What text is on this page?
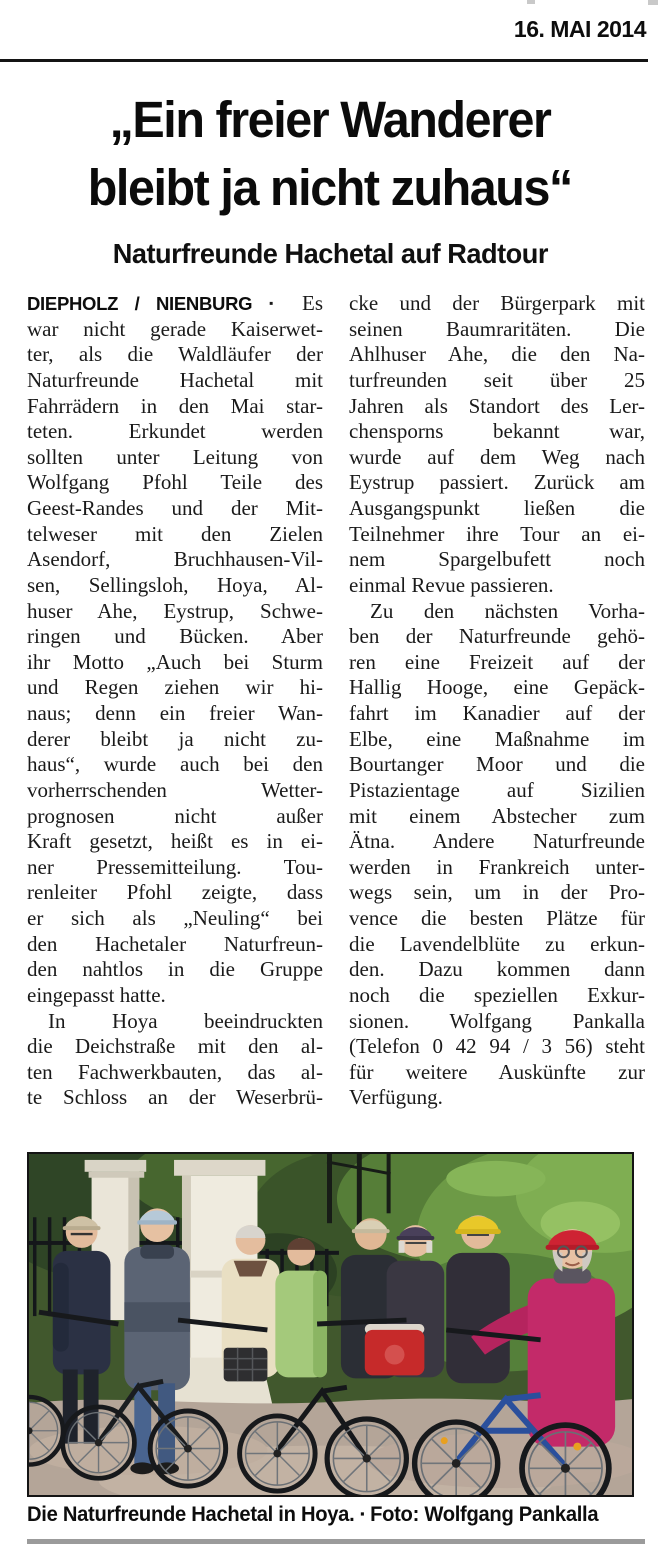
16. MAI 2014
„Ein freier Wanderer
bleibt ja nicht zuhaus“
Naturfreunde Hachetal auf Radtour
DIEPHOLZ / NIENBURG ▪ Es
war nicht gerade Kaiserwet-
ter, als die Waldläufer der
Naturfreunde Hachetal mit
Fahrrädern in den Mai star-
teten. Erkundet werden
sollten unter Leitung von
Wolfgang Pfohl Teile des
Geest-Randes und der Mit-
telweser mit den Zielen
Asendorf, Bruchhausen-Vil-
sen, Sellingsloh, Hoya, Al-
huser Ahe, Eystrup, Schwe-
ringen und Bücken. Aber
ihr Motto „Auch bei Sturm
und Regen ziehen wir hi-
naus; denn ein freier Wan-
derer bleibt ja nicht zu-
haus“, wurde auch bei den
vorherrschenden Wetter-
prognosen nicht außer
Kraft gesetzt, heißt es in ei-
ner Pressemitteilung. Tou-
renleiter Pfohl zeigte, dass
er sich als „Neuling“ bei
den Hachetaler Naturfreun-
den nahtlos in die Gruppe
eingepasst hatte.
In Hoya beeindruckten
die Deichstraße mit den al-
ten Fachwerkbauten, das al-
te Schloss an der Weserbrü-
cke und der Bürgerpark mit
seinen Baumraritäten. Die
Ahlhuser Ahe, die den Na-
turfreunden seit über 25
Jahren als Standort des Ler-
chensporns bekannt war,
wurde auf dem Weg nach
Eystrup passiert. Zurück am
Ausgangspunkt ließen die
Teilnehmer ihre Tour an ei-
nem Spargelbufett noch
einmal Revue passieren.
Zu den nächsten Vorha-
ben der Naturfreunde gehö-
ren eine Freizeit auf der
Hallig Hooge, eine Gepäck-
fahrt im Kanadier auf der
Elbe, eine Maßnahme im
Bourtanger Moor und die
Pistazientage auf Sizilien
mit einem Abstecher zum
Ätna. Andere Naturfreunde
werden in Frankreich unter-
wegs sein, um in der Pro-
vence die besten Plätze für
die Lavendelblüte zu erkun-
den. Dazu kommen dann
noch die speziellen Exkur-
sionen. Wolfgang Pankalla
(Telefon 0 42 94 / 3 56) steht
für weitere Auskünfte zur
Verfügung.
Die Naturfreunde Hachetal in Hoya. ▪ Foto: Wolfgang Pankalla
